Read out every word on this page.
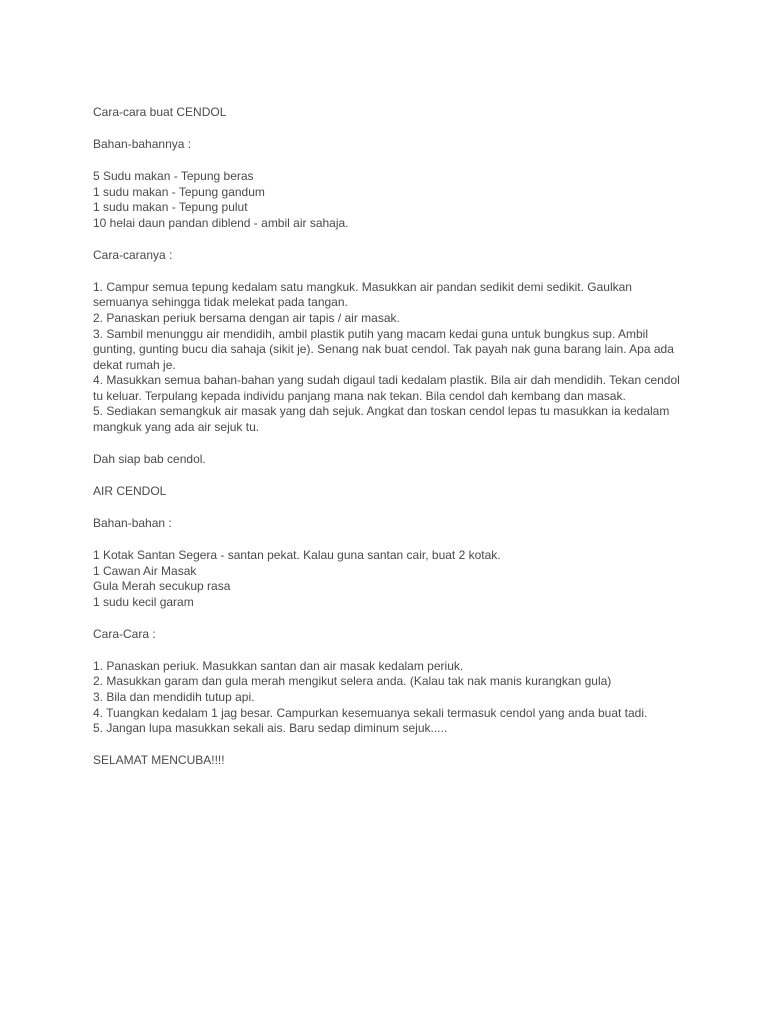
Cara-cara buat CENDOL
Bahan-bahannya :
5 Sudu makan - Tepung beras
1 sudu makan - Tepung gandum
1 sudu makan - Tepung pulut
10 helai daun pandan diblend - ambil air sahaja.
Cara-caranya :
1. Campur semua tepung kedalam satu mangkuk. Masukkan air pandan sedikit demi sedikit. Gaulkan semuanya sehingga tidak melekat pada tangan.
2. Panaskan periuk bersama dengan air tapis / air masak.
3. Sambil menunggu air mendidih, ambil plastik putih yang macam kedai guna untuk bungkus sup. Ambil gunting, gunting bucu dia sahaja (sikit je). Senang nak buat cendol. Tak payah nak guna barang lain. Apa ada dekat rumah je.
4. Masukkan semua bahan-bahan yang sudah digaul tadi kedalam plastik. Bila air dah mendidih. Tekan cendol tu keluar. Terpulang kepada individu panjang mana nak tekan. Bila cendol dah kembang dan masak.
5. Sediakan semangkuk air masak yang dah sejuk. Angkat dan toskan cendol lepas tu masukkan ia kedalam mangkuk yang ada air sejuk tu.
Dah siap bab cendol.
AIR CENDOL
Bahan-bahan :
1 Kotak Santan Segera - santan pekat. Kalau guna santan cair, buat 2 kotak.
1 Cawan Air Masak
Gula Merah secukup rasa
1 sudu kecil garam
Cara-Cara :
1. Panaskan periuk. Masukkan santan dan air masak kedalam periuk.
2. Masukkan garam dan gula merah mengikut selera anda. (Kalau tak nak manis kurangkan gula)
3. Bila dan mendidih tutup api.
4. Tuangkan kedalam 1 jag besar. Campurkan kesemuanya sekali termasuk cendol yang anda buat tadi.
5. Jangan lupa masukkan sekali ais. Baru sedap diminum sejuk.....
SELAMAT MENCUBA!!!!
